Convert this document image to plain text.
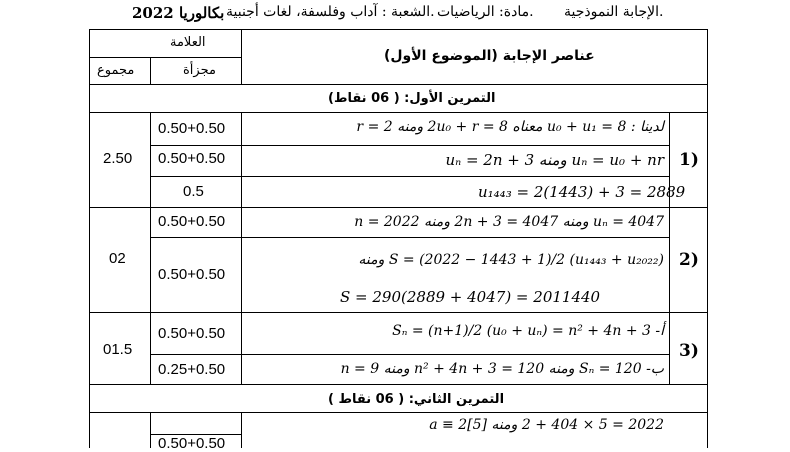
الإجابة النموذجية.
مادة: الرياضيات.
الشعبة : آداب وفلسفة، لغات أجنبية.
بكالوريا 2022
العلامة
مجموع	مجزأة
عناصر الإجابة (الموضوع الأول)
التمرين الأول: ( 06 نقاط)
1)
2.50
0.50+0.50
0.50+0.50
0.5
لدينا : u₀ + u₁ = 8 معناه 2u₀ + r = 8 ومنه r = 2
uₙ = u₀ + nr ومنه uₙ = 2n + 3
u₁₄₄₃ = 2(1443) + 3 = 2889
2)
02
0.50+0.50
0.50+0.50
uₙ = 4047 ومنه 2n + 3 = 4047 ومنه n = 2022
S = (2022 − 1443 + 1)/2 (u₁₄₄₃ + u₂₀₂₂) ومنه
S = 290(2889 + 4047) = 2011440
3)
01.5
0.50+0.50
0.25+0.50
أ- Sₙ = (n+1)/2 (u₀ + uₙ) = n² + 4n + 3
ب- Sₙ = 120 ومنه n² + 4n + 3 = 120 ومنه n = 9
التمرين الثاني: ( 06 نقاط )
2022 = 5 × 404 + 2 ومنه a ≡ 2[5]
0.50+0.50
